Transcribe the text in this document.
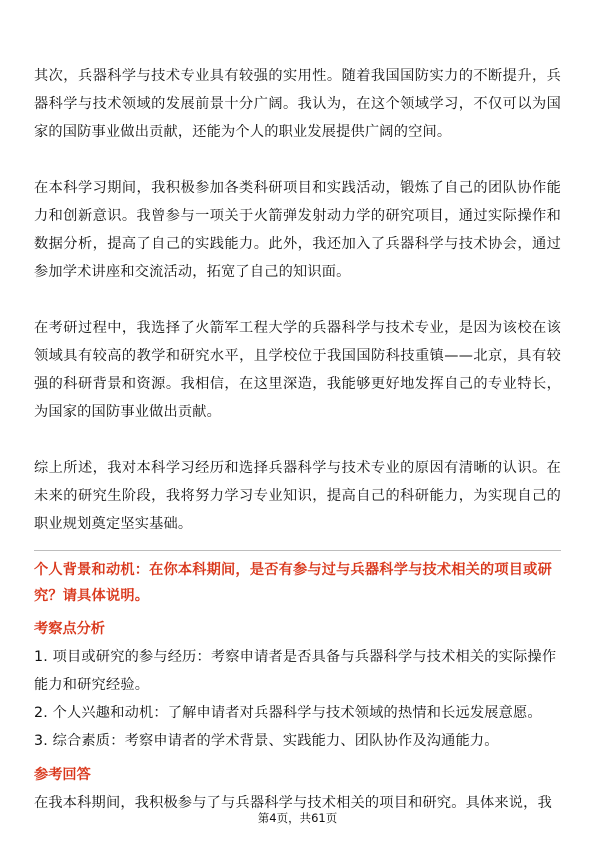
其次，兵器科学与技术专业具有较强的实用性。随着我国国防实力的不断提升，兵器科学与技术领域的发展前景十分广阔。我认为，在这个领域学习，不仅可以为国家的国防事业做出贡献，还能为个人的职业发展提供广阔的空间。

在本科学习期间，我积极参加各类科研项目和实践活动，锻炼了自己的团队协作能力和创新意识。我曾参与一项关于火箭弹发射动力学的研究项目，通过实际操作和数据分析，提高了自己的实践能力。此外，我还加入了兵器科学与技术协会，通过参加学术讲座和交流活动，拓宽了自己的知识面。

在考研过程中，我选择了火箭军工程大学的兵器科学与技术专业，是因为该校在该领域具有较高的教学和研究水平，且学校位于我国国防科技重镇——北京，具有较强的科研背景和资源。我相信，在这里深造，我能够更好地发挥自己的专业特长，为国家的国防事业做出贡献。

综上所述，我对本科学习经历和选择兵器科学与技术专业的原因有清晰的认识。在未来的研究生阶段，我将努力学习专业知识，提高自己的科研能力，为实现自己的职业规划奠定坚实基础。

个人背景和动机：在你本科期间，是否有参与过与兵器科学与技术相关的项目或研究？请具体说明。

考察点分析

1. 项目或研究的参与经历：考察申请者是否具备与兵器科学与技术相关的实际操作能力和研究经验。

2. 个人兴趣和动机：了解申请者对兵器科学与技术领域的热情和长远发展意愿。

3. 综合素质：考察申请者的学术背景、实践能力、团队协作及沟通能力。

参考回答

在我本科期间，我积极参与了与兵器科学与技术相关的项目和研究。具体来说，我

第4页，共61页
